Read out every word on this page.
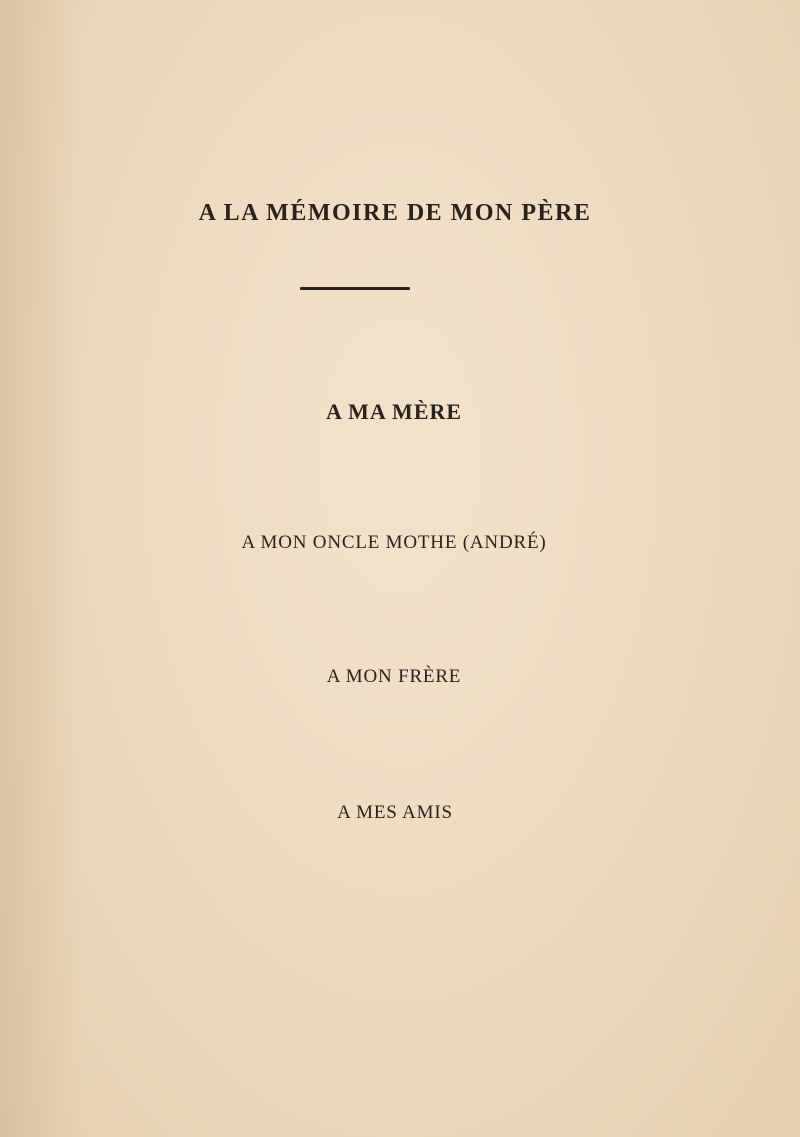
A LA MÉMOIRE DE MON PÈRE
A MA MÈRE
A MON ONCLE MOTHE (ANDRÉ)
A MON FRÈRE
A MES AMIS
